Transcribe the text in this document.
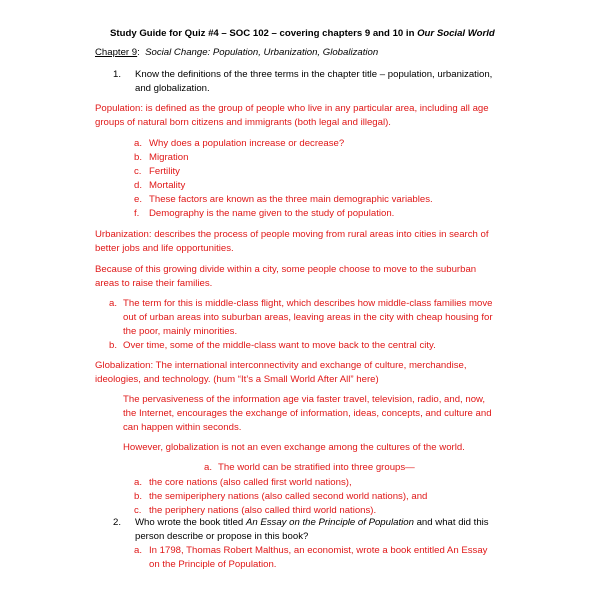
Study Guide for Quiz #4 – SOC 102 – covering chapters 9 and 10 in Our Social World
Chapter 9:  Social Change: Population, Urbanization, Globalization
1. Know the definitions of the three terms in the chapter title – population, urbanization,
and globalization.
Population: is defined as the group of people who live in any particular area, including all age
groups of natural born citizens and immigrants (both legal and illegal).
a. Why does a population increase or decrease?
b. Migration
c. Fertility
d. Mortality
e. These factors are known as the three main demographic variables.
f. Demography is the name given to the study of population.
Urbanization: describes the process of people moving from rural areas into cities in search of
better jobs and life opportunities.
Because of this growing divide within a city, some people choose to move to the suburban
areas to raise their families.
a. The term for this is middle-class flight, which describes how middle-class families move
out of urban areas into suburban areas, leaving areas in the city with cheap housing for
the poor, mainly minorities.
b. Over time, some of the middle-class want to move back to the central city.
Globalization: The international interconnectivity and exchange of culture, merchandise,
ideologies, and technology. (hum “It’s a Small World After All” here)
The pervasiveness of the information age via faster travel, television, radio, and, now,
the Internet, encourages the exchange of information, ideas, concepts, and culture and
can happen within seconds.
However, globalization is not an even exchange among the cultures of the world.
a. The world can be stratified into three groups—
a. the core nations (also called first world nations),
b. the semiperiphery nations (also called second world nations), and
c. the periphery nations (also called third world nations).
2. Who wrote the book titled An Essay on the Principle of Population and what did this
person describe or propose in this book?
a. In 1798, Thomas Robert Malthus, an economist, wrote a book entitled An Essay
on the Principle of Population.
